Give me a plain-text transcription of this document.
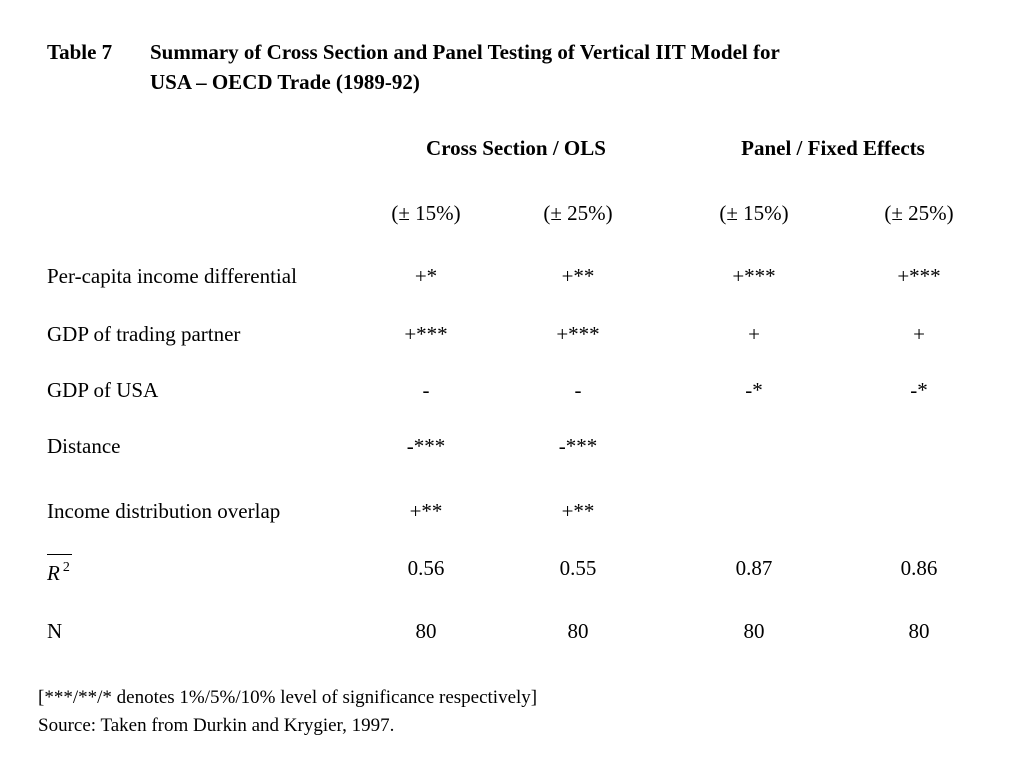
Table 7 Summary of Cross Section and Panel Testing of Vertical IIT Model for
USA – OECD Trade (1989-92)
Cross Section / OLS	Panel / Fixed Effects
(± 15%)	(± 25%)	(± 15%)	(± 25%)
Per-capita income differential	+*	+**	+***	+***
GDP of trading partner	+***	+***	+	+
GDP of USA	-	-	-*	-*
Distance	-***	-***
Income distribution overlap	+**	+**
R $^2$	0.56	0.55	0.87	0.86
N	80	80	80	80
[***/**/* denotes 1%/5%/10% level of significance respectively]
Source: Taken from Durkin and Krygier, 1997.
